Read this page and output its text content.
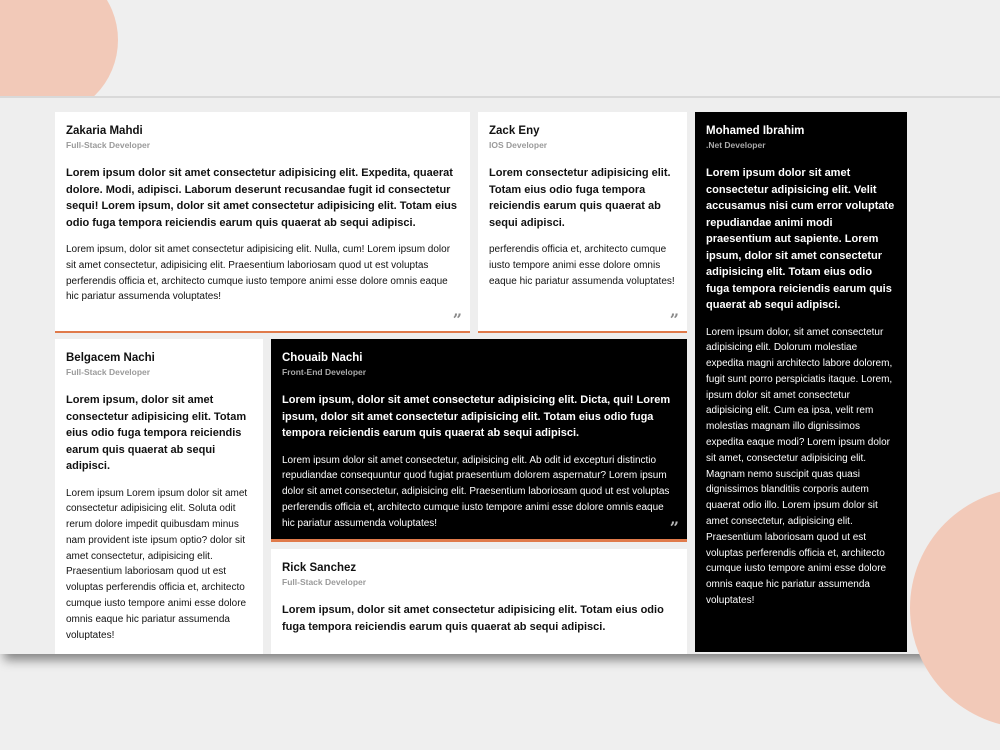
Zakaria Mahdi
Full-Stack Developer
Lorem ipsum dolor sit amet consectetur adipisicing elit. Expedita, quaerat dolore. Modi, adipisci. Laborum deserunt recusandae fugit id consectetur sequi! Lorem ipsum, dolor sit amet consectetur adipisicing elit. Totam eius odio fuga tempora reiciendis earum quis quaerat ab sequi adipisci.
Lorem ipsum, dolor sit amet consectetur adipisicing elit. Nulla, cum! Lorem ipsum dolor sit amet consectetur, adipisicing elit. Praesentium laboriosam quod ut est voluptas perferendis officia et, architecto cumque iusto tempore animi esse dolore omnis eaque hic pariatur assumenda voluptates!
”
Zack Eny
IOS Developer
Lorem consectetur adipisicing elit. Totam eius odio fuga tempora reiciendis earum quis quaerat ab sequi adipisci.
perferendis officia et, architecto cumque iusto tempore animi esse dolore omnis eaque hic pariatur assumenda voluptates!
”
Mohamed Ibrahim
.Net Developer
Lorem ipsum dolor sit amet consectetur adipisicing elit. Velit accusamus nisi cum error voluptate repudiandae animi modi praesentium aut sapiente. Lorem ipsum, dolor sit amet consectetur adipisicing elit. Totam eius odio fuga tempora reiciendis earum quis quaerat ab sequi adipisci.
Lorem ipsum dolor, sit amet consectetur adipisicing elit. Dolorum molestiae expedita magni architecto labore dolorem, fugit sunt porro perspiciatis itaque. Lorem, ipsum dolor sit amet consectetur adipisicing elit. Cum ea ipsa, velit rem molestias magnam illo dignissimos expedita eaque modi? Lorem ipsum dolor sit amet, consectetur adipisicing elit. Magnam nemo suscipit quas quasi dignissimos blanditiis corporis autem quaerat odio illo. Lorem ipsum dolor sit amet consectetur, adipisicing elit. Praesentium laboriosam quod ut est voluptas perferendis officia et, architecto cumque iusto tempore animi esse dolore omnis eaque hic pariatur assumenda voluptates!
Belgacem Nachi
Full-Stack Developer
Lorem ipsum, dolor sit amet consectetur adipisicing elit. Totam eius odio fuga tempora reiciendis earum quis quaerat ab sequi adipisci.
Lorem ipsum Lorem ipsum dolor sit amet consectetur adipisicing elit. Soluta odit rerum dolore impedit quibusdam minus nam provident iste ipsum optio? dolor sit amet consectetur, adipisicing elit. Praesentium laboriosam quod ut est voluptas perferendis officia et, architecto cumque iusto tempore animi esse dolore omnis eaque hic pariatur assumenda voluptates!
Chouaib Nachi
Front-End Developer
Lorem ipsum, dolor sit amet consectetur adipisicing elit. Dicta, qui! Lorem ipsum, dolor sit amet consectetur adipisicing elit. Totam eius odio fuga tempora reiciendis earum quis quaerat ab sequi adipisci.
Lorem ipsum dolor sit amet consectetur, adipisicing elit. Ab odit id excepturi distinctio repudiandae consequuntur quod fugiat praesentium dolorem aspernatur? Lorem ipsum dolor sit amet consectetur, adipisicing elit. Praesentium laboriosam quod ut est voluptas perferendis officia et, architecto cumque iusto tempore animi esse dolore omnis eaque hic pariatur assumenda voluptates!	”
Rick Sanchez
Full-Stack Developer
Lorem ipsum, dolor sit amet consectetur adipisicing elit. Totam eius odio fuga tempora reiciendis earum quis quaerat ab sequi adipisci.
